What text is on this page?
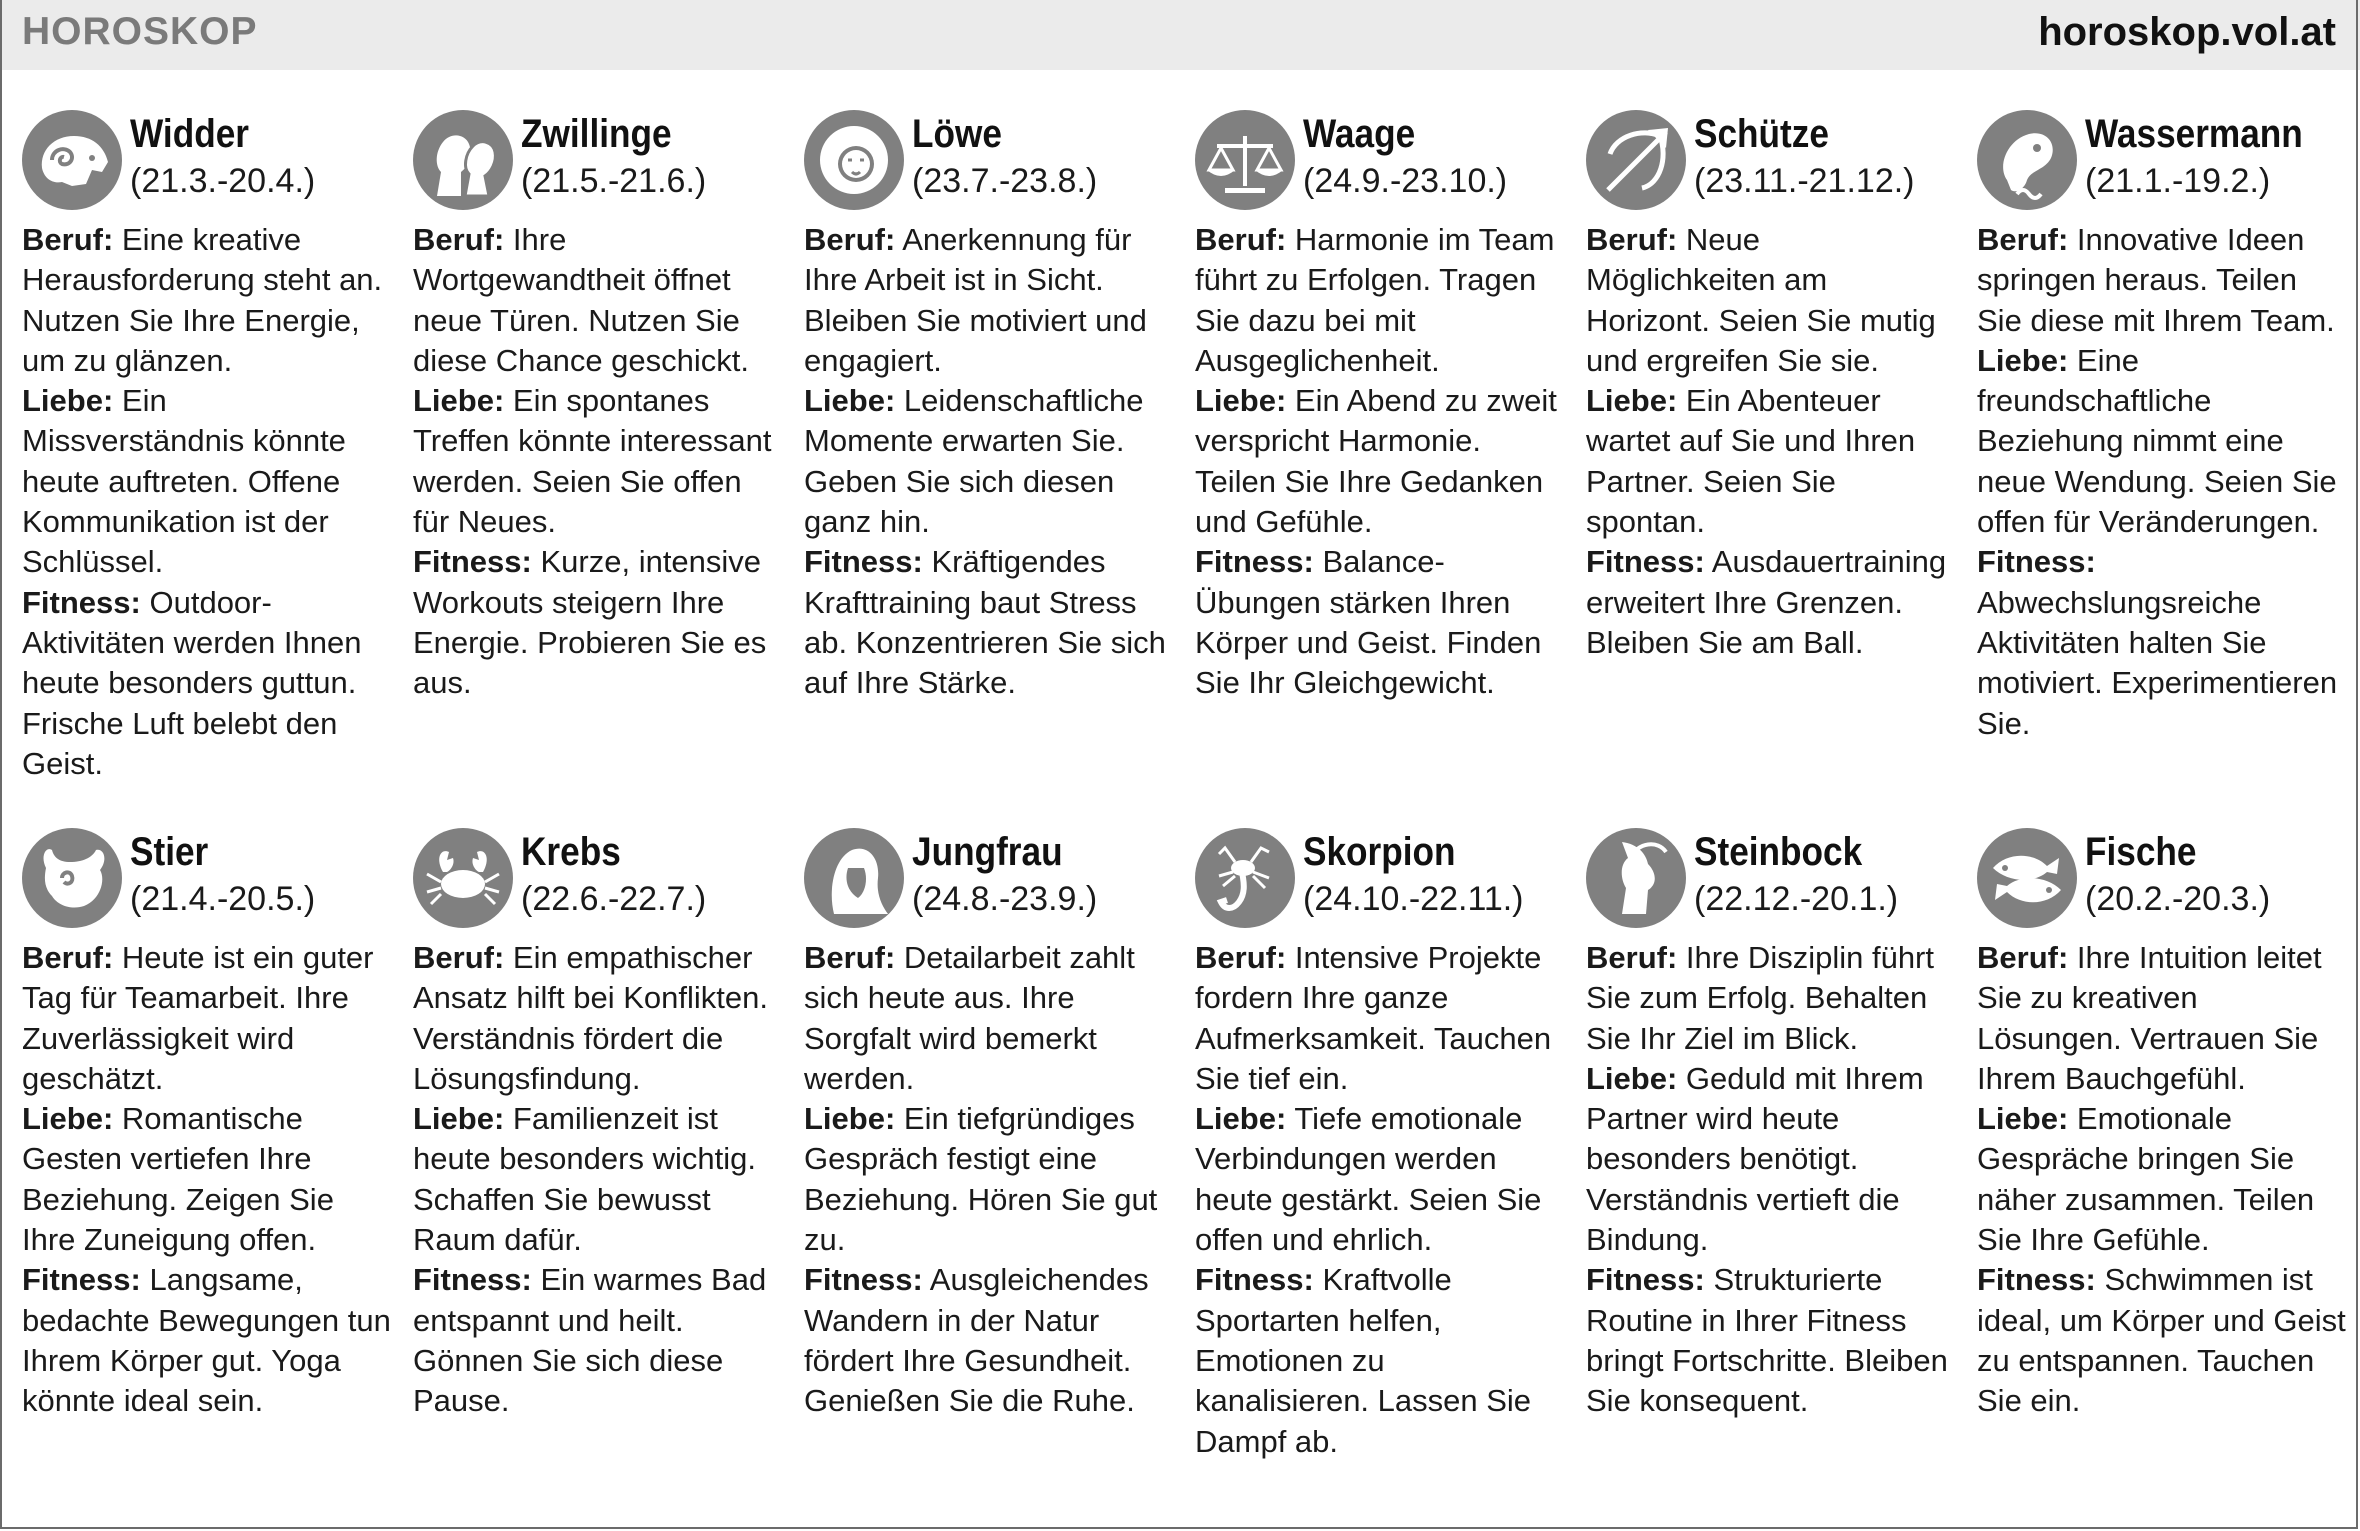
HOROSKOP	horoskop.vol.at
Widder
(21.3.-20.4.)
Beruf: Eine kreative Herausforderung steht an. Nutzen Sie Ihre Energie, um zu glänzen.
Liebe: Ein Missverständnis könnte heute auftreten. Offene Kommunikation ist der Schlüssel.
Fitness: Outdoor-Aktivitäten werden Ihnen heute besonders guttun. Frische Luft belebt den Geist.
Zwillinge
(21.5.-21.6.)
Beruf: Ihre Wortgewandtheit öffnet neue Türen. Nutzen Sie diese Chance geschickt.
Liebe: Ein spontanes Treffen könnte interessant werden. Seien Sie offen für Neues.
Fitness: Kurze, intensive Workouts steigern Ihre Energie. Probieren Sie es aus.
Löwe
(23.7.-23.8.)
Beruf: Anerkennung für Ihre Arbeit ist in Sicht. Bleiben Sie motiviert und engagiert.
Liebe: Leidenschaftliche Momente erwarten Sie. Geben Sie sich diesen ganz hin.
Fitness: Kräftigendes Krafttraining baut Stress ab. Konzentrieren Sie sich auf Ihre Stärke.
Waage
(24.9.-23.10.)
Beruf: Harmonie im Team führt zu Erfolgen. Tragen Sie dazu bei mit Ausgeglichenheit.
Liebe: Ein Abend zu zweit verspricht Harmonie. Teilen Sie Ihre Gedanken und Gefühle.
Fitness: Balance-Übungen stärken Ihren Körper und Geist. Finden Sie Ihr Gleichgewicht.
Schütze
(23.11.-21.12.)
Beruf: Neue Möglichkeiten am Horizont. Seien Sie mutig und ergreifen Sie sie.
Liebe: Ein Abenteuer wartet auf Sie und Ihren Partner. Seien Sie spontan.
Fitness: Ausdauertraining erweitert Ihre Grenzen. Bleiben Sie am Ball.
Wassermann
(21.1.-19.2.)
Beruf: Innovative Ideen springen heraus. Teilen Sie diese mit Ihrem Team.
Liebe: Eine freundschaftliche Beziehung nimmt eine neue Wendung. Seien Sie offen für Veränderungen.
Fitness: Abwechslungsreiche Aktivitäten halten Sie motiviert. Experimentieren Sie.
Stier
(21.4.-20.5.)
Beruf: Heute ist ein guter Tag für Teamarbeit. Ihre Zuverlässigkeit wird geschätzt.
Liebe: Romantische Gesten vertiefen Ihre Beziehung. Zeigen Sie Ihre Zuneigung offen.
Fitness: Langsame, bedachte Bewegungen tun Ihrem Körper gut. Yoga könnte ideal sein.
Krebs
(22.6.-22.7.)
Beruf: Ein empathischer Ansatz hilft bei Konflikten. Verständnis fördert die Lösungsfindung.
Liebe: Familienzeit ist heute besonders wichtig. Schaffen Sie bewusst Raum dafür.
Fitness: Ein warmes Bad entspannt und heilt. Gönnen Sie sich diese Pause.
Jungfrau
(24.8.-23.9.)
Beruf: Detailarbeit zahlt sich heute aus. Ihre Sorgfalt wird bemerkt werden.
Liebe: Ein tiefgründiges Gespräch festigt eine Beziehung. Hören Sie gut zu.
Fitness: Ausgleichendes Wandern in der Natur fördert Ihre Gesundheit. Genießen Sie die Ruhe.
Skorpion
(24.10.-22.11.)
Beruf: Intensive Projekte fordern Ihre ganze Aufmerksamkeit. Tauchen Sie tief ein.
Liebe: Tiefe emotionale Verbindungen werden heute gestärkt. Seien Sie offen und ehrlich.
Fitness: Kraftvolle Sportarten helfen, Emotionen zu kanalisieren. Lassen Sie Dampf ab.
Steinbock
(22.12.-20.1.)
Beruf: Ihre Disziplin führt Sie zum Erfolg. Behalten Sie Ihr Ziel im Blick.
Liebe: Geduld mit Ihrem Partner wird heute besonders benötigt. Verständnis vertieft die Bindung.
Fitness: Strukturierte Routine in Ihrer Fitness bringt Fortschritte. Bleiben Sie konsequent.
Fische
(20.2.-20.3.)
Beruf: Ihre Intuition leitet Sie zu kreativen Lösungen. Vertrauen Sie Ihrem Bauchgefühl.
Liebe: Emotionale Gespräche bringen Sie näher zusammen. Teilen Sie Ihre Gefühle.
Fitness: Schwimmen ist ideal, um Körper und Geist zu entspannen. Tauchen Sie ein.
